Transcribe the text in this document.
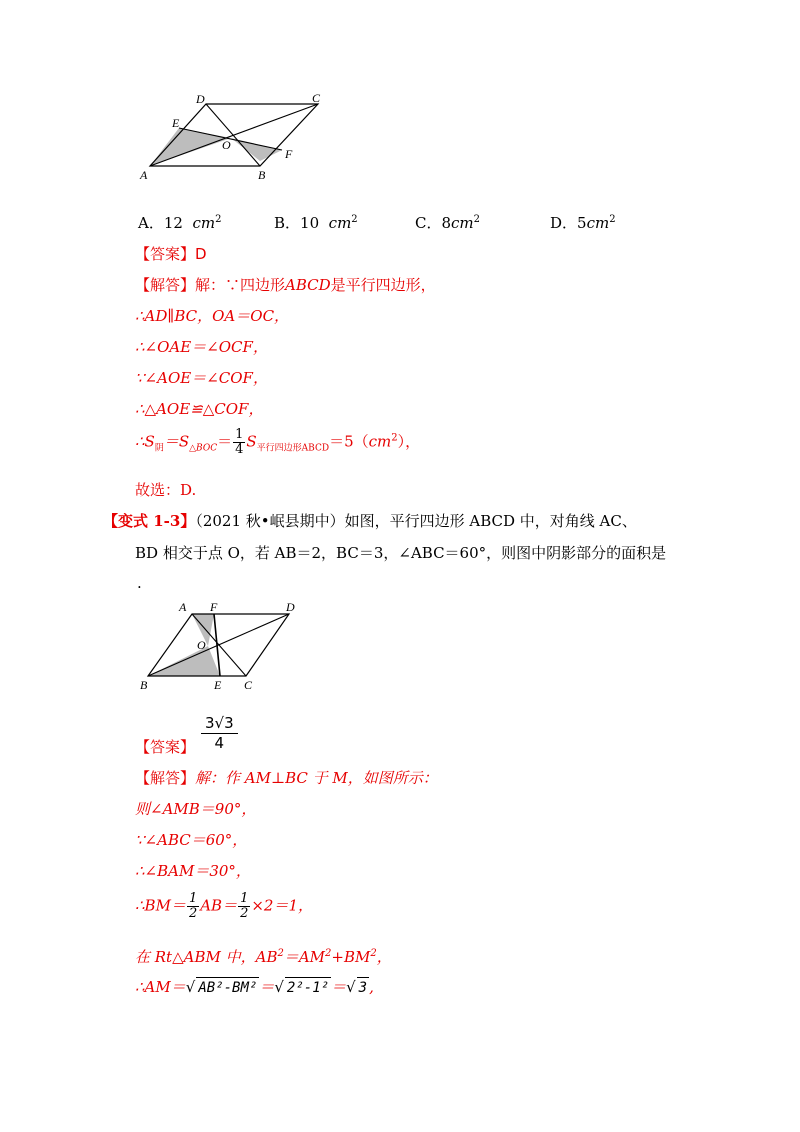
A	B
C
D
E
F
O
A．12 $cm^2$	B．10 $cm^2$	C．$8cm^2$	D．$5cm^2$
【答案】D
【解答】解：∵四边形ABCD是平行四边形，
∴AD∥BC，OA＝OC，
∴∠OAE＝∠OCF，
∵∠AOE＝∠COF，
∴△AOE≌△COF，
$\therefore S_阴=S_{\triangle BOC}= \frac{1}{4} S_{平行四边形ABCD}=5(cm^2)$，
故选：D.
【变式 1-3】（2021 秋•岷县期中）如图，平行四边形 ABCD 中，对角线 AC、
BD 相交于点 O，若 AB＝2，BC＝3，∠ABC＝60°，则图中阴影部分的面积是
.
A F	D
O
B	E C
【答案】 $\frac{3√3}{4}$
【解答】解：作 AM⊥BC 于 M，如图所示：
则∠AMB＝90°，
∵∠ABC＝60°，
∴∠BAM＝30°，
∴BM＝ $\frac{1}{2} AB= \frac{1}{2} \times 2=1$，
在 Rt△ABM 中，$AB^2=AM^2+BM^2$，
∴AM＝√ AB²-BM² ＝√ 2²-1² ＝√ 3 ,
